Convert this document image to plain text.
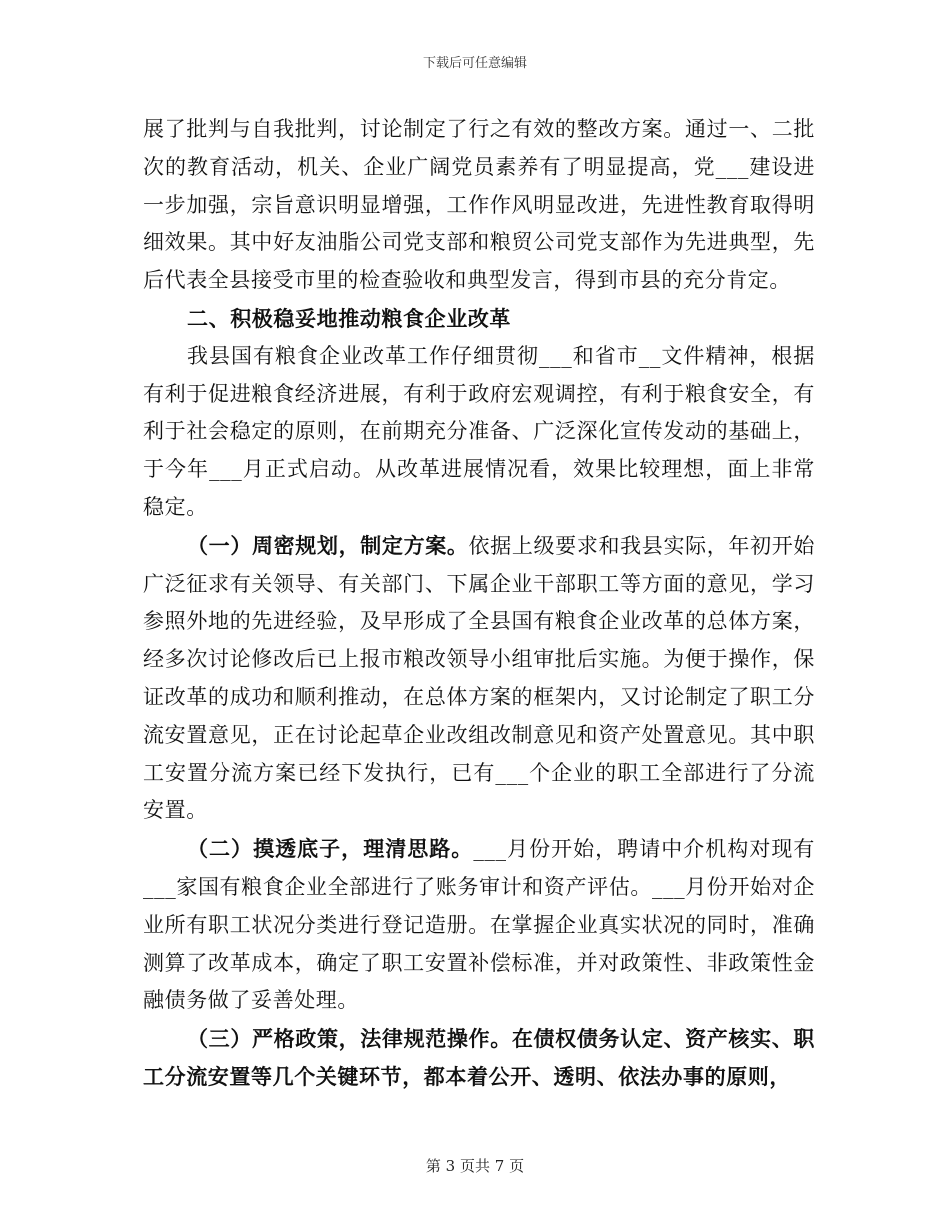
下载后可任意编辑

展了批判与自我批判，讨论制定了行之有效的整改方案。通过一、二批次的教育活动，机关、企业广阔党员素养有了明显提高，党___建设进一步加强，宗旨意识明显增强，工作作风明显改进，先进性教育取得明细效果。其中好友油脂公司党支部和粮贸公司党支部作为先进典型，先后代表全县接受市里的检查验收和典型发言，得到市县的充分肯定。

二、积极稳妥地推动粮食企业改革

我县国有粮食企业改革工作仔细贯彻___和省市__文件精神，根据有利于促进粮食经济进展，有利于政府宏观调控，有利于粮食安全，有利于社会稳定的原则，在前期充分准备、广泛深化宣传发动的基础上，于今年___月正式启动。从改革进展情况看，效果比较理想，面上非常稳定。

（一）周密规划，制定方案。依据上级要求和我县实际，年初开始广泛征求有关领导、有关部门、下属企业干部职工等方面的意见，学习参照外地的先进经验，及早形成了全县国有粮食企业改革的总体方案，经多次讨论修改后已上报市粮改领导小组审批后实施。为便于操作，保证改革的成功和顺利推动，在总体方案的框架内，又讨论制定了职工分流安置意见，正在讨论起草企业改组改制意见和资产处置意见。其中职工安置分流方案已经下发执行，已有___个企业的职工全部进行了分流安置。

（二）摸透底子，理清思路。___月份开始，聘请中介机构对现有___家国有粮食企业全部进行了账务审计和资产评估。___月份开始对企业所有职工状况分类进行登记造册。在掌握企业真实状况的同时，准确测算了改革成本，确定了职工安置补偿标准，并对政策性、非政策性金融债务做了妥善处理。

（三）严格政策，法律规范操作。在债权债务认定、资产核实、职工分流安置等几个关键环节，都本着公开、透明、依法办事的原则，

第 3 页共 7 页
